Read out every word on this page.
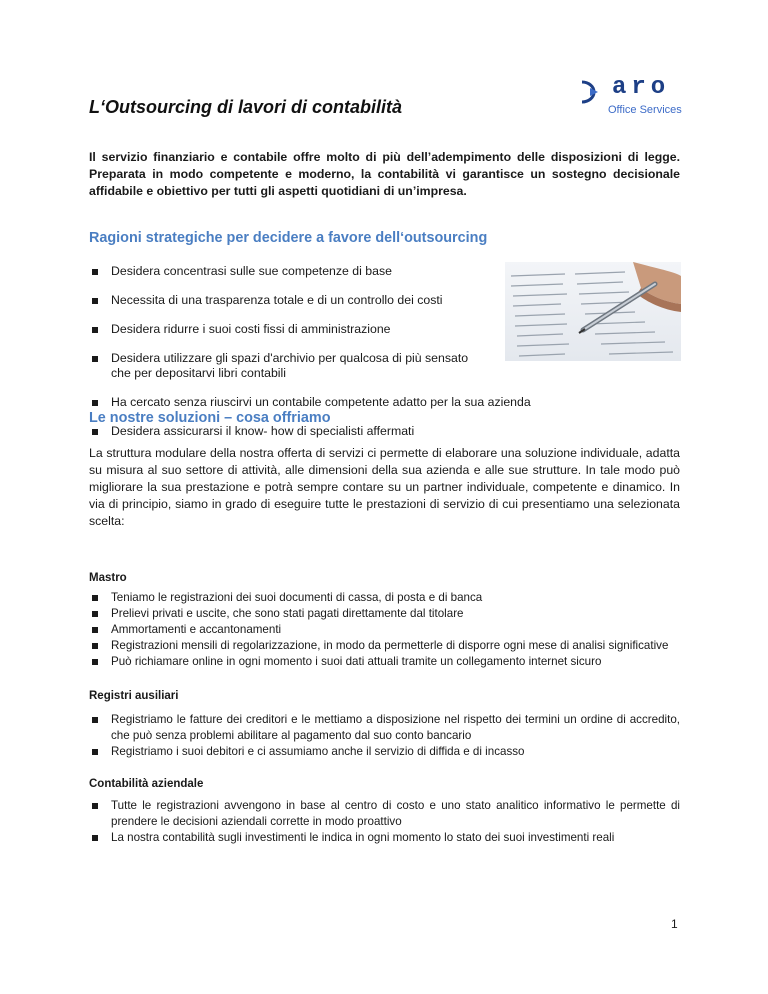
L‘Outsourcing di lavori di contabilità
aro
Office Services

Il servizio finanziario e contabile offre molto di più dell’adempimento delle disposizioni di legge. Preparata in modo competente e moderno, la contabilità vi garantisce un sostegno decisionale affidabile e obiettivo per tutti gli aspetti quotidiani di un’impresa.

Ragioni strategiche per decidere a favore dell‘outsourcing
Desidera concentrasi sulle sue competenze di base
Necessita di una trasparenza totale e di un controllo dei costi
Desidera ridurre i suoi costi fissi di amministrazione
Desidera utilizzare gli spazi d'archivio per qualcosa di più sensato che per depositarvi libri contabili
Ha cercato senza riuscirvi un contabile competente adatto per la sua azienda
Desidera assicurarsi il know- how di specialisti affermati
Le nostre soluzioni – cosa offriamo

La struttura modulare della nostra offerta di servizi ci permette di elaborare una soluzione individuale, adatta su misura al suo settore di attività, alle dimensioni della sua azienda e alle sue strutture. In tale modo può migliorare la sua prestazione e potrà sempre contare su un partner individuale, competente e dinamico. In via di principio, siamo in grado di eseguire tutte le prestazioni di servizio di cui presentiamo una selezionata scelta:

Mastro
Teniamo le registrazioni dei suoi documenti di cassa, di posta e di banca
Prelievi privati e uscite, che sono stati pagati direttamente dal titolare
Ammortamenti e accantonamenti
Registrazioni mensili di regolarizzazione, in modo da permetterle di disporre ogni mese di analisi significative
Può richiamare online in ogni momento i suoi dati attuali tramite un collegamento internet sicuro
Registri ausiliari
Registriamo le fatture dei creditori e le mettiamo a disposizione nel rispetto dei termini un ordine di accredito, che può senza problemi abilitare al pagamento dal suo conto bancario
Registriamo i suoi debitori e ci assumiamo anche il servizio di diffida e di incasso
Contabilità aziendale
Tutte le registrazioni avvengono in base al centro di costo e uno stato analitico informativo le permette di prendere le decisioni aziendali corrette in modo proattivo
La nostra contabilità sugli investimenti le indica in ogni momento lo stato dei suoi investimenti reali
1
